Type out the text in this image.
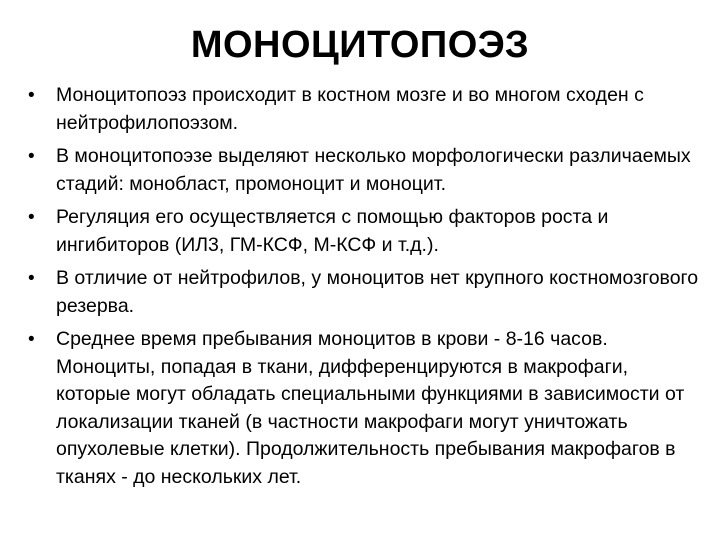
МОНОЦИТОПОЭЗ
• Моноцитопоэз происходит в костном мозге и во многом сходен с нейтрофилопоэзом.
• В моноцитопоэзе выделяют несколько морфологически различаемых стадий: монобласт, промоноцит и моноцит.
• Регуляция его осуществляется с помощью факторов роста и ингибиторов (ИЛ3, ГМ-КСФ, М-КСФ и т.д.).
• В отличие от нейтрофилов, у моноцитов нет крупного костномозгового резерва.
• Среднее время пребывания моноцитов в крови - 8-16 часов. Моноциты, попадая в ткани, дифференцируются в макрофаги, которые могут обладать специальными функциями в зависимости от локализации тканей (в частности макрофаги могут уничтожать опухолевые клетки). Продолжительность пребывания макрофагов в тканях - до нескольких лет.
